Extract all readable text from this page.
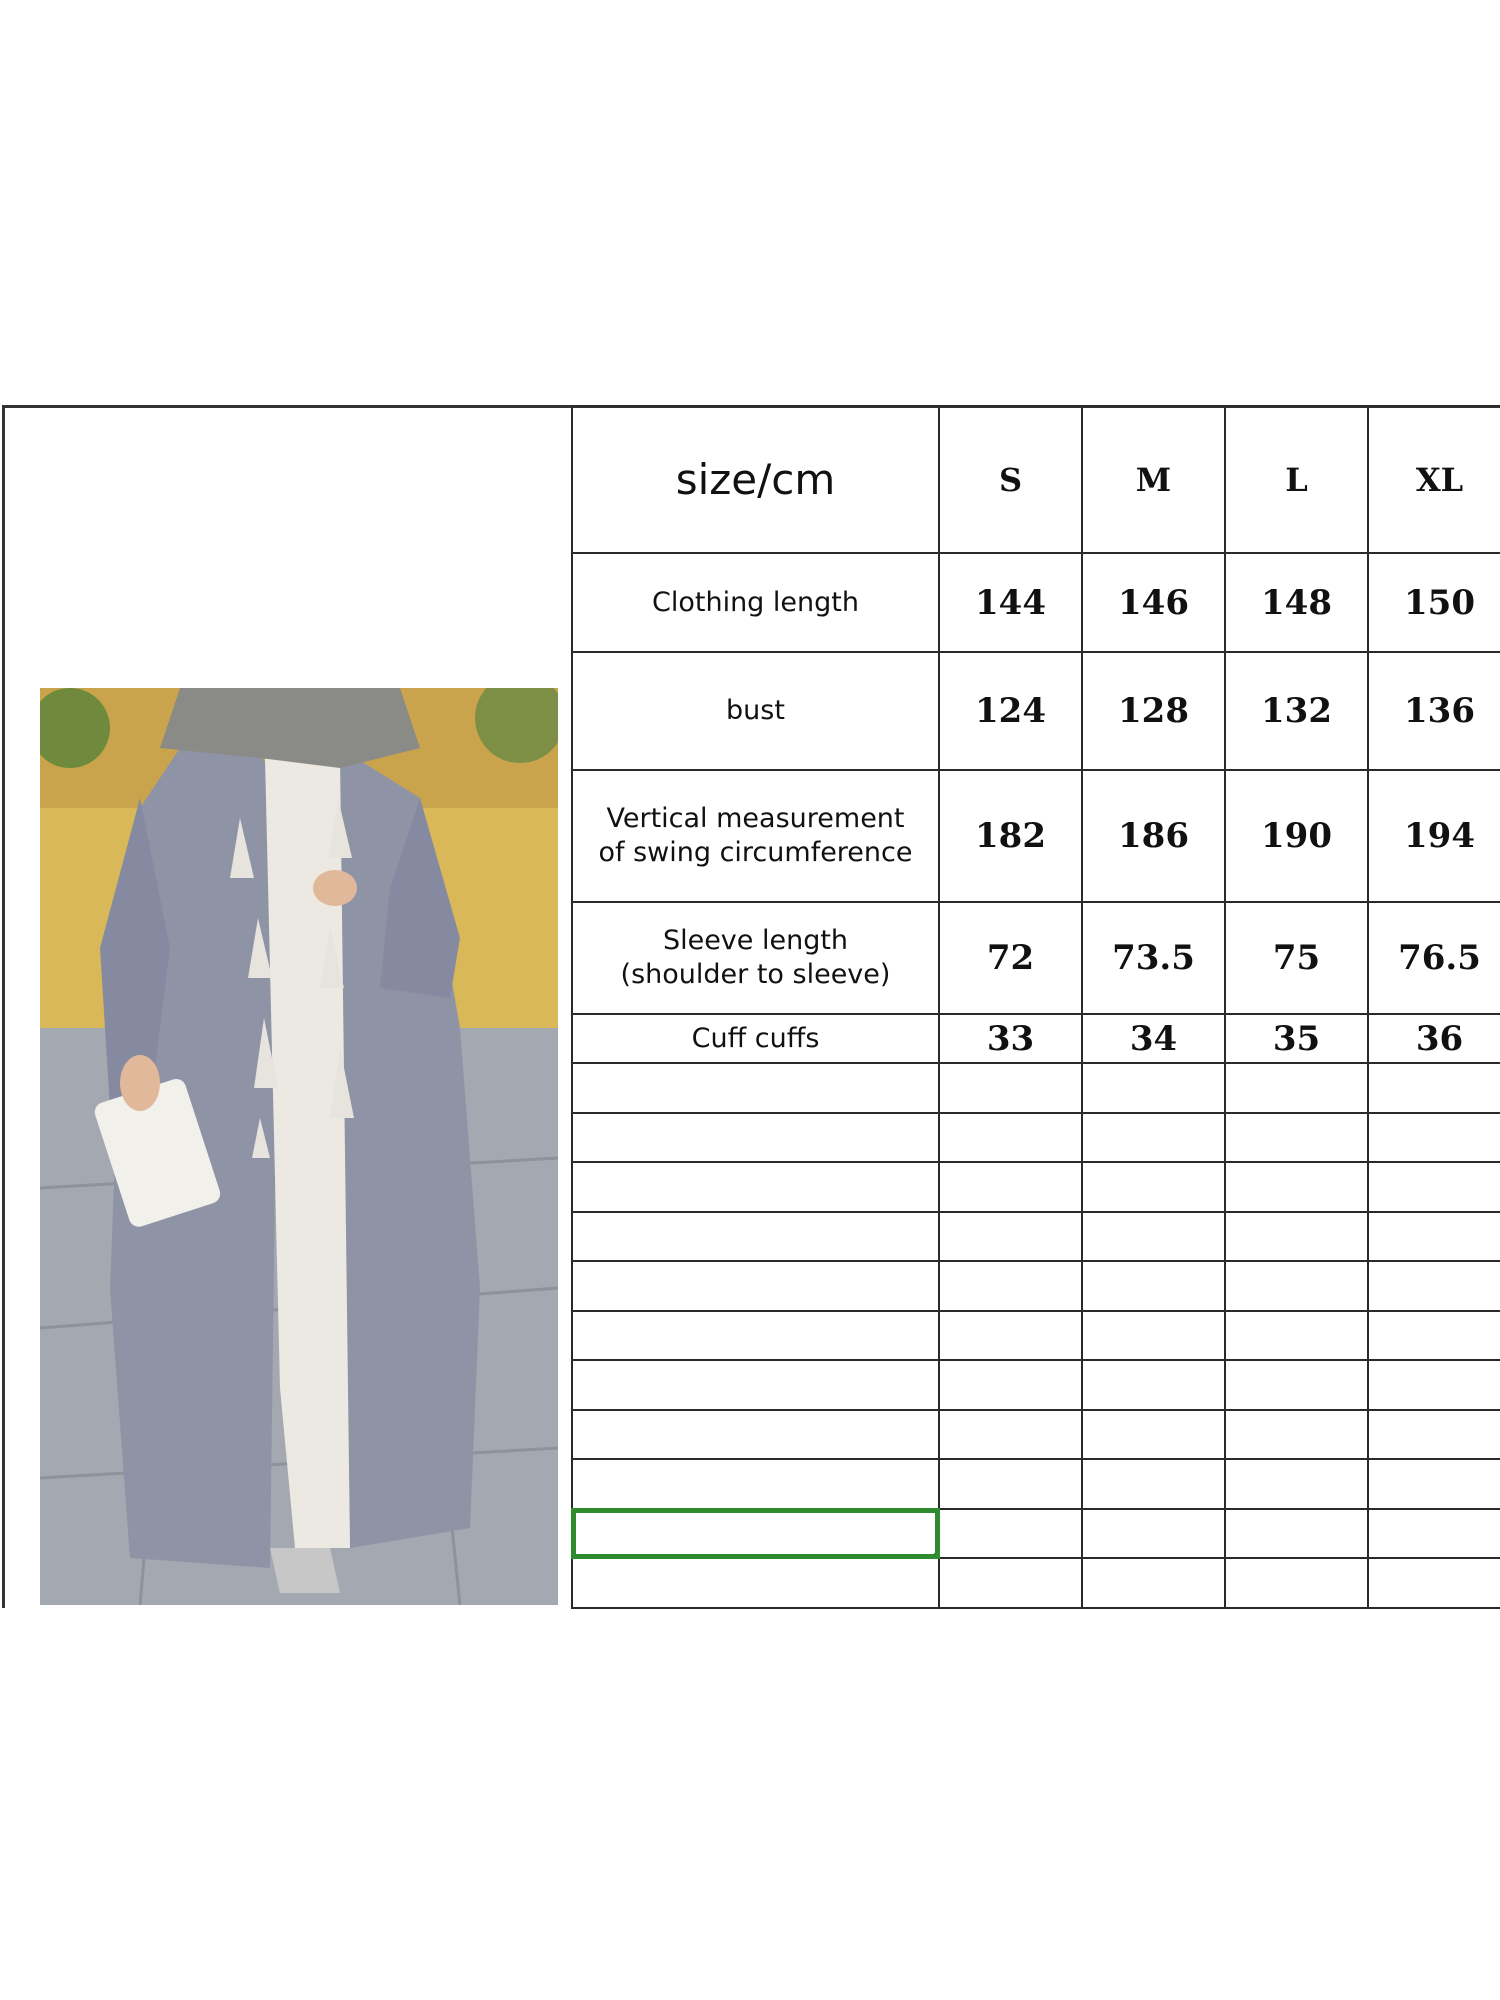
size/cm	S	M	L	XL
Clothing length	144	146	148	150
bust	124	128	132	136
Vertical measurement
of swing circumference	182	186	190	194
Sleeve length
(shoulder to sleeve)	72	73.5	75	76.5
Cuff cuffs	33	34	35	36
